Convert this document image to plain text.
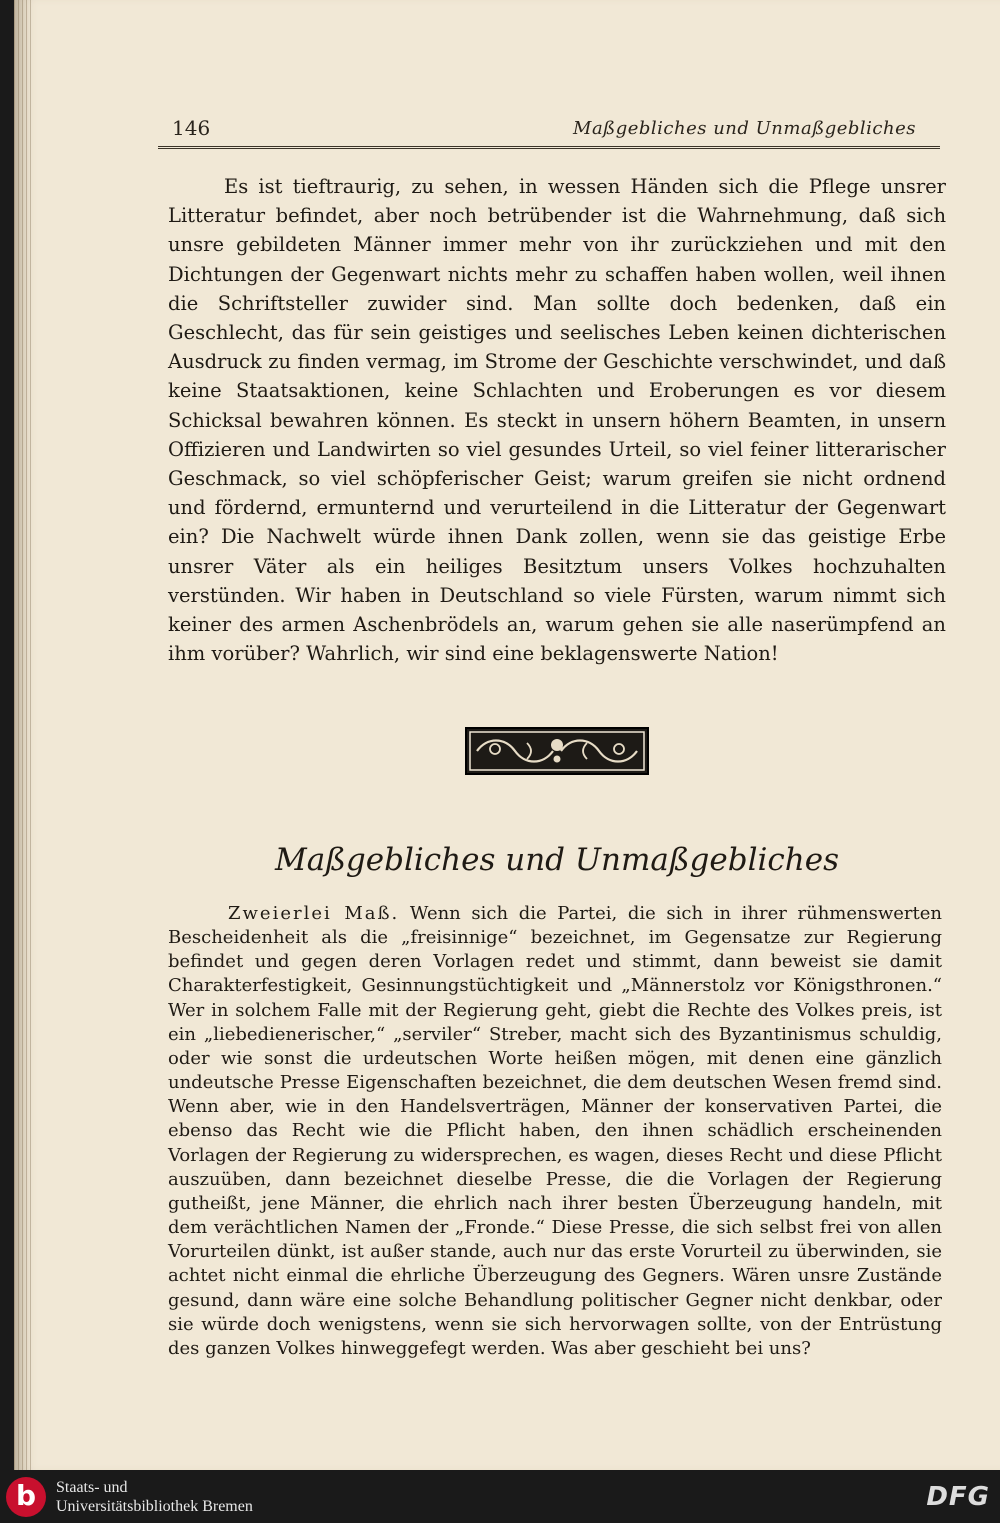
146	Maßgebliches und Unmaßgebliches

Es ist tieftraurig, zu sehen, in wessen Händen sich die Pflege unsrer Litteratur befindet, aber noch betrübender ist die Wahrnehmung, daß sich unsre gebildeten Männer immer mehr von ihr zurückziehen und mit den Dichtungen der Gegenwart nichts mehr zu schaffen haben wollen, weil ihnen die Schriftsteller zuwider sind. Man sollte doch bedenken, daß ein Geschlecht, das für sein geistiges und seelisches Leben keinen dichterischen Ausdruck zu finden vermag, im Strome der Geschichte verschwindet, und daß keine Staatsaktionen, keine Schlachten und Eroberungen es vor diesem Schicksal bewahren können. Es steckt in unsern höhern Beamten, in unsern Offizieren und Landwirten so viel gesundes Urteil, so viel feiner litterarischer Geschmack, so viel schöpferischer Geist; warum greifen sie nicht ordnend und fördernd, ermunternd und verurteilend in die Litteratur der Gegenwart ein? Die Nachwelt würde ihnen Dank zollen, wenn sie das geistige Erbe unsrer Väter als ein heiliges Besitztum unsers Volkes hochzuhalten verstünden. Wir haben in Deutschland so viele Fürsten, warum nimmt sich keiner des armen Aschenbrödels an, warum gehen sie alle naserümpfend an ihm vorüber? Wahrlich, wir sind eine beklagenswerte Nation!

Maßgebliches und Unmaßgebliches

Zweierlei Maß. Wenn sich die Partei, die sich in ihrer rühmenswerten Bescheidenheit als die „freisinnige“ bezeichnet, im Gegensatze zur Regierung befindet und gegen deren Vorlagen redet und stimmt, dann beweist sie damit Charakterfestigkeit, Gesinnungstüchtigkeit und „Männerstolz vor Königsthronen.“ Wer in solchem Falle mit der Regierung geht, giebt die Rechte des Volkes preis, ist ein „liebedienerischer,“ „serviler“ Streber, macht sich des Byzantinismus schuldig, oder wie sonst die urdeutschen Worte heißen mögen, mit denen eine gänzlich undeutsche Presse Eigenschaften bezeichnet, die dem deutschen Wesen fremd sind. Wenn aber, wie in den Handelsverträgen, Männer der konservativen Partei, die ebenso das Recht wie die Pflicht haben, den ihnen schädlich erscheinenden Vorlagen der Regierung zu widersprechen, es wagen, dieses Recht und diese Pflicht auszuüben, dann bezeichnet dieselbe Presse, die die Vorlagen der Regierung gutheißt, jene Männer, die ehrlich nach ihrer besten Überzeugung handeln, mit dem verächtlichen Namen der „Fronde.“ Diese Presse, die sich selbst frei von allen Vorurteilen dünkt, ist außer stande, auch nur das erste Vorurteil zu überwinden, sie achtet nicht einmal die ehrliche Überzeugung des Gegners. Wären unsre Zustände gesund, dann wäre eine solche Behandlung politischer Gegner nicht denkbar, oder sie würde doch wenigstens, wenn sie sich hervorwagen sollte, von der Entrüstung des ganzen Volkes hinweggefegt werden. Was aber geschieht bei uns?

b	Staats- und
Universitätsbibliothek Bremen	DFG
